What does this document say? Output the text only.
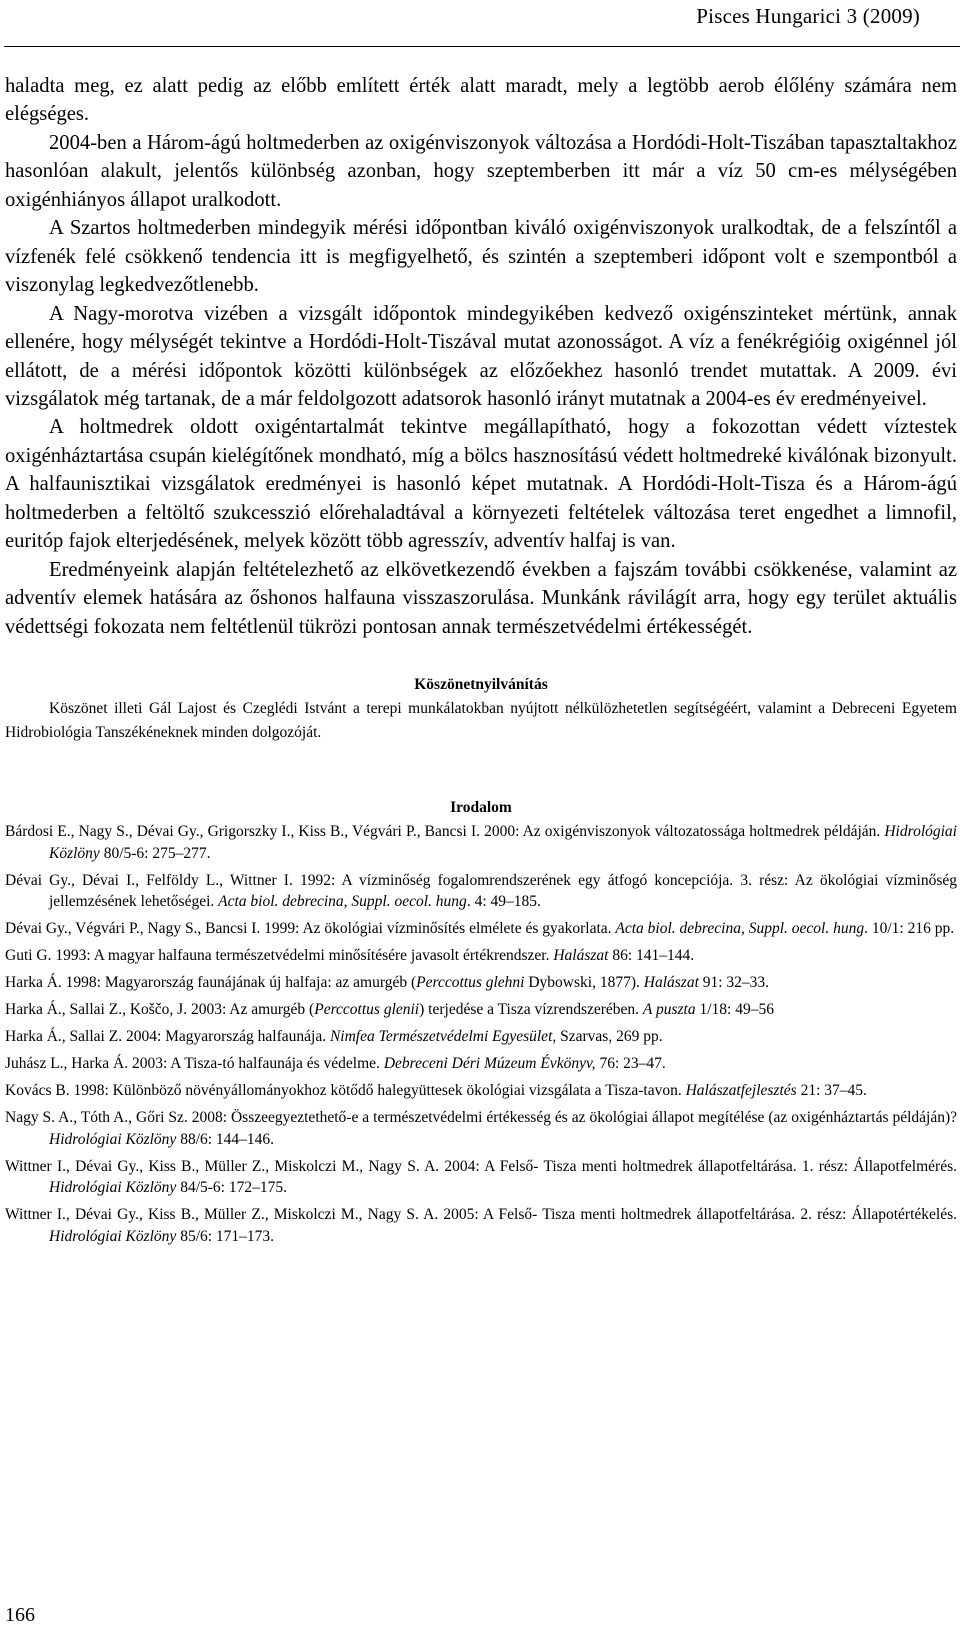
Pisces Hungarici 3 (2009)

haladta meg, ez alatt pedig az előbb említett érték alatt maradt, mely a legtöbb aerob élőlény számára nem elégséges.

2004-ben a Három-ágú holtmederben az oxigénviszonyok változása a Hordódi-Holt-Tiszában tapasztaltakhoz hasonlóan alakult, jelentős különbség azonban, hogy szeptemberben itt már a víz 50 cm-es mélységében oxigénhiányos állapot uralkodott.

A Szartos holtmederben mindegyik mérési időpontban kiváló oxigénviszonyok uralkodtak, de a felszíntől a vízfenék felé csökkenő tendencia itt is megfigyelhető, és szintén a szeptemberi időpont volt e szempontból a viszonylag legkedvezőtlenebb.

A Nagy-morotva vizében a vizsgált időpontok mindegyikében kedvező oxigénszinteket mértünk, annak ellenére, hogy mélységét tekintve a Hordódi-Holt-Tiszával mutat azonosságot. A víz a fenékrégióig oxigénnel jól ellátott, de a mérési időpontok közötti különbségek az előzőekhez hasonló trendet mutattak. A 2009. évi vizsgálatok még tartanak, de a már feldolgozott adatsorok hasonló irányt mutatnak a 2004-es év eredményeivel.

A holtmedrek oldott oxigéntartalmát tekintve megállapítható, hogy a fokozottan védett víztestek oxigénháztartása csupán kielégítőnek mondható, míg a bölcs hasznosítású védett holtmedreké kiválónak bizonyult. A halfaunisztikai vizsgálatok eredményei is hasonló képet mutatnak. A Hordódi-Holt-Tisza és a Három-ágú holtmederben a feltöltő szukcesszió előrehaladtával a környezeti feltételek változása teret engedhet a limnofil, euritóp fajok elterjedésének, melyek között több agresszív, adventív halfaj is van.

Eredményeink alapján feltételezhető az elkövetkezendő években a fajszám további csökkenése, valamint az adventív elemek hatására az őshonos halfauna visszaszorulása. Munkánk rávilágít arra, hogy egy terület aktuális védettségi fokozata nem feltétlenül tükrözi pontosan annak természetvédelmi értékességét.

Köszönetnyilvánítás

Köszönet illeti Gál Lajost és Czeglédi Istvánt a terepi munkálatokban nyújtott nélkülözhetetlen segítségéért, valamint a Debreceni Egyetem Hidrobiológia Tanszékéneknek minden dolgozóját.

Irodalom

Bárdosi E., Nagy S., Dévai Gy., Grigorszky I., Kiss B., Végvári P., Bancsi I. 2000: Az oxigénviszonyok változatossága holtmedrek példáján. Hidrológiai Közlöny 80/5-6: 275–277.
Dévai Gy., Dévai I., Felföldy L., Wittner I. 1992: A vízminőség fogalomrendszerének egy átfogó koncepciója. 3. rész: Az ökológiai vízminőség jellemzésének lehetőségei. Acta biol. debrecina, Suppl. oecol. hung. 4: 49–185.
Dévai Gy., Végvári P., Nagy S., Bancsi I. 1999: Az ökológiai vízminősítés elmélete és gyakorlata. Acta biol. debrecina, Suppl. oecol. hung. 10/1: 216 pp.
Guti G. 1993: A magyar halfauna természetvédelmi minősítésére javasolt értékrendszer. Halászat 86: 141–144.
Harka Á. 1998: Magyarország faunájának új halfaja: az amurgéb (Perccottus glehni Dybowski, 1877). Halászat 91: 32–33.
Harka Á., Sallai Z., Koščo, J. 2003: Az amurgéb (Perccottus glenii) terjedése a Tisza vízrendszerében. A puszta 1/18: 49–56
Harka Á., Sallai Z. 2004: Magyarország halfaunája. Nimfea Természetvédelmi Egyesület, Szarvas, 269 pp.
Juhász L., Harka Á. 2003: A Tisza-tó halfaunája és védelme. Debreceni Déri Múzeum Évkönyv, 76: 23–47.
Kovács B. 1998: Különböző növényállományokhoz kötődő halegyüttesek ökológiai vizsgálata a Tisza-tavon. Halászatfejlesztés 21: 37–45.
Nagy S. A., Tóth A., Gőri Sz. 2008: Összeegyeztethető-e a természetvédelmi értékesség és az ökológiai állapot megítélése (az oxigénháztartás példáján)? Hidrológiai Közlöny 88/6: 144–146.
Wittner I., Dévai Gy., Kiss B., Müller Z., Miskolczi M., Nagy S. A. 2004: A Felső- Tisza menti holtmedrek állapotfeltárása. 1. rész: Állapotfelmérés. Hidrológiai Közlöny 84/5-6: 172–175.
Wittner I., Dévai Gy., Kiss B., Müller Z., Miskolczi M., Nagy S. A. 2005: A Felső- Tisza menti holtmedrek állapotfeltárása. 2. rész: Állapotértékelés. Hidrológiai Közlöny 85/6: 171–173.
166
